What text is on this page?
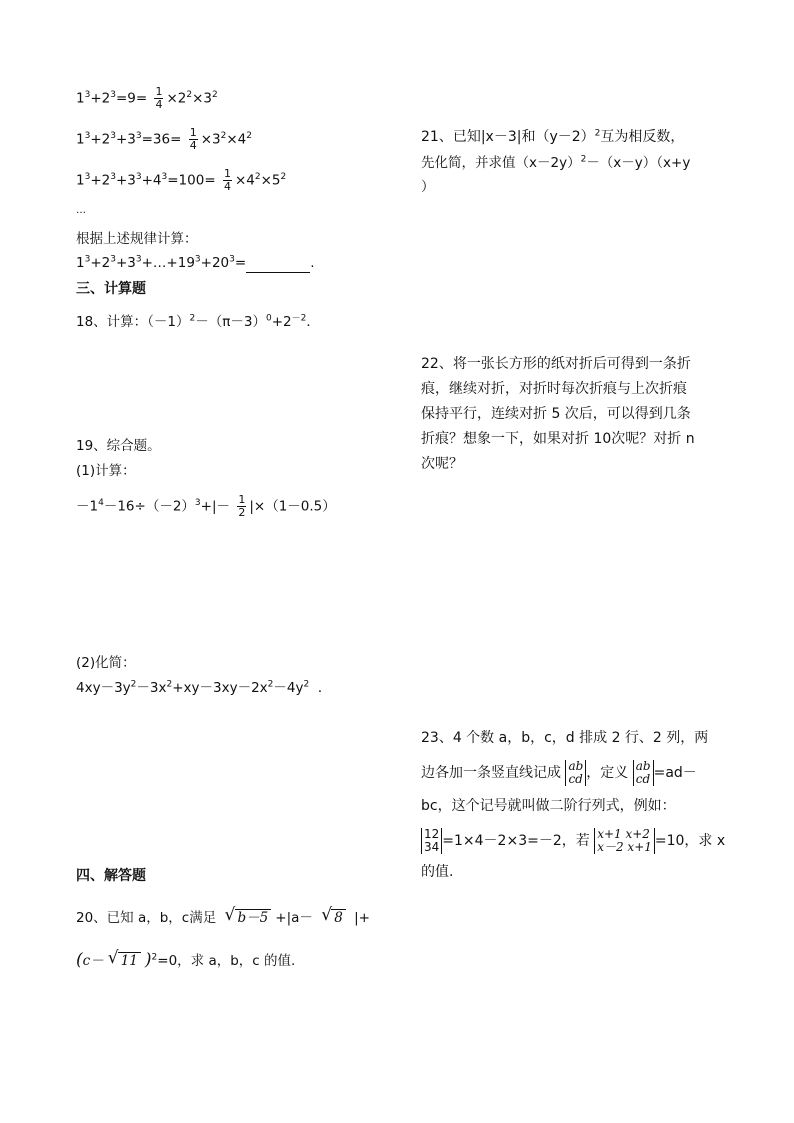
$1^3+2^3=9= \frac{1}{4} \times 2^2\times 3^2$
$1^3+2^3+3^3=36= \frac{1}{4} \times 3^2\times 4^2$
$1^3+2^3+3^3+4^3=100= \frac{1}{4} \times 4^2\times 5^2$
…
根据上述规律计算：
$1^3+2^3+3^3+\dots+19^3+20^3=$	.
三、计算题
18、计算：$(-1)^2-(\pi-3)^0+2^{-2}$．
19、综合题。
(1)计算：
$-1^4-16\div(-2)^3+|- \frac{1}{2} |\times(1-0.5)$
(2)化简：
$4xy-3y^2-3x^2+xy-3xy-2x^2-4y^2$ ．
四、解答题
20、已知 a，b，c满足 √ b－5 +|a－ √ 8 |+
(c－ √ 11 )$^2$=0，求 a，b，c 的值.
21、已知|x－3|和$(y-2)^2$互为相反数，
先化简，并求值$(x-2y)^2-(x-y)(x+y$
）
22、将一张长方形的纸对折后可得到一条折
痕，继续对折，对折时每次折痕与上次折痕
保持平行，连续对折 5 次后，可以得到几条
折痕？想象一下，如果对折 10次呢？对折 n
次呢？
23、4 个数 a，b，c，d 排成 2 行、2 列，两
边各加一条竖直线记成 ab
cd ，定义 ab
cd =ad－
bc，这个记号就叫做二阶行列式，例如：
12
34 =1×4－2×3=－2，若 x+1 x+2
x－2 x+1 =10，求 x
的值.
